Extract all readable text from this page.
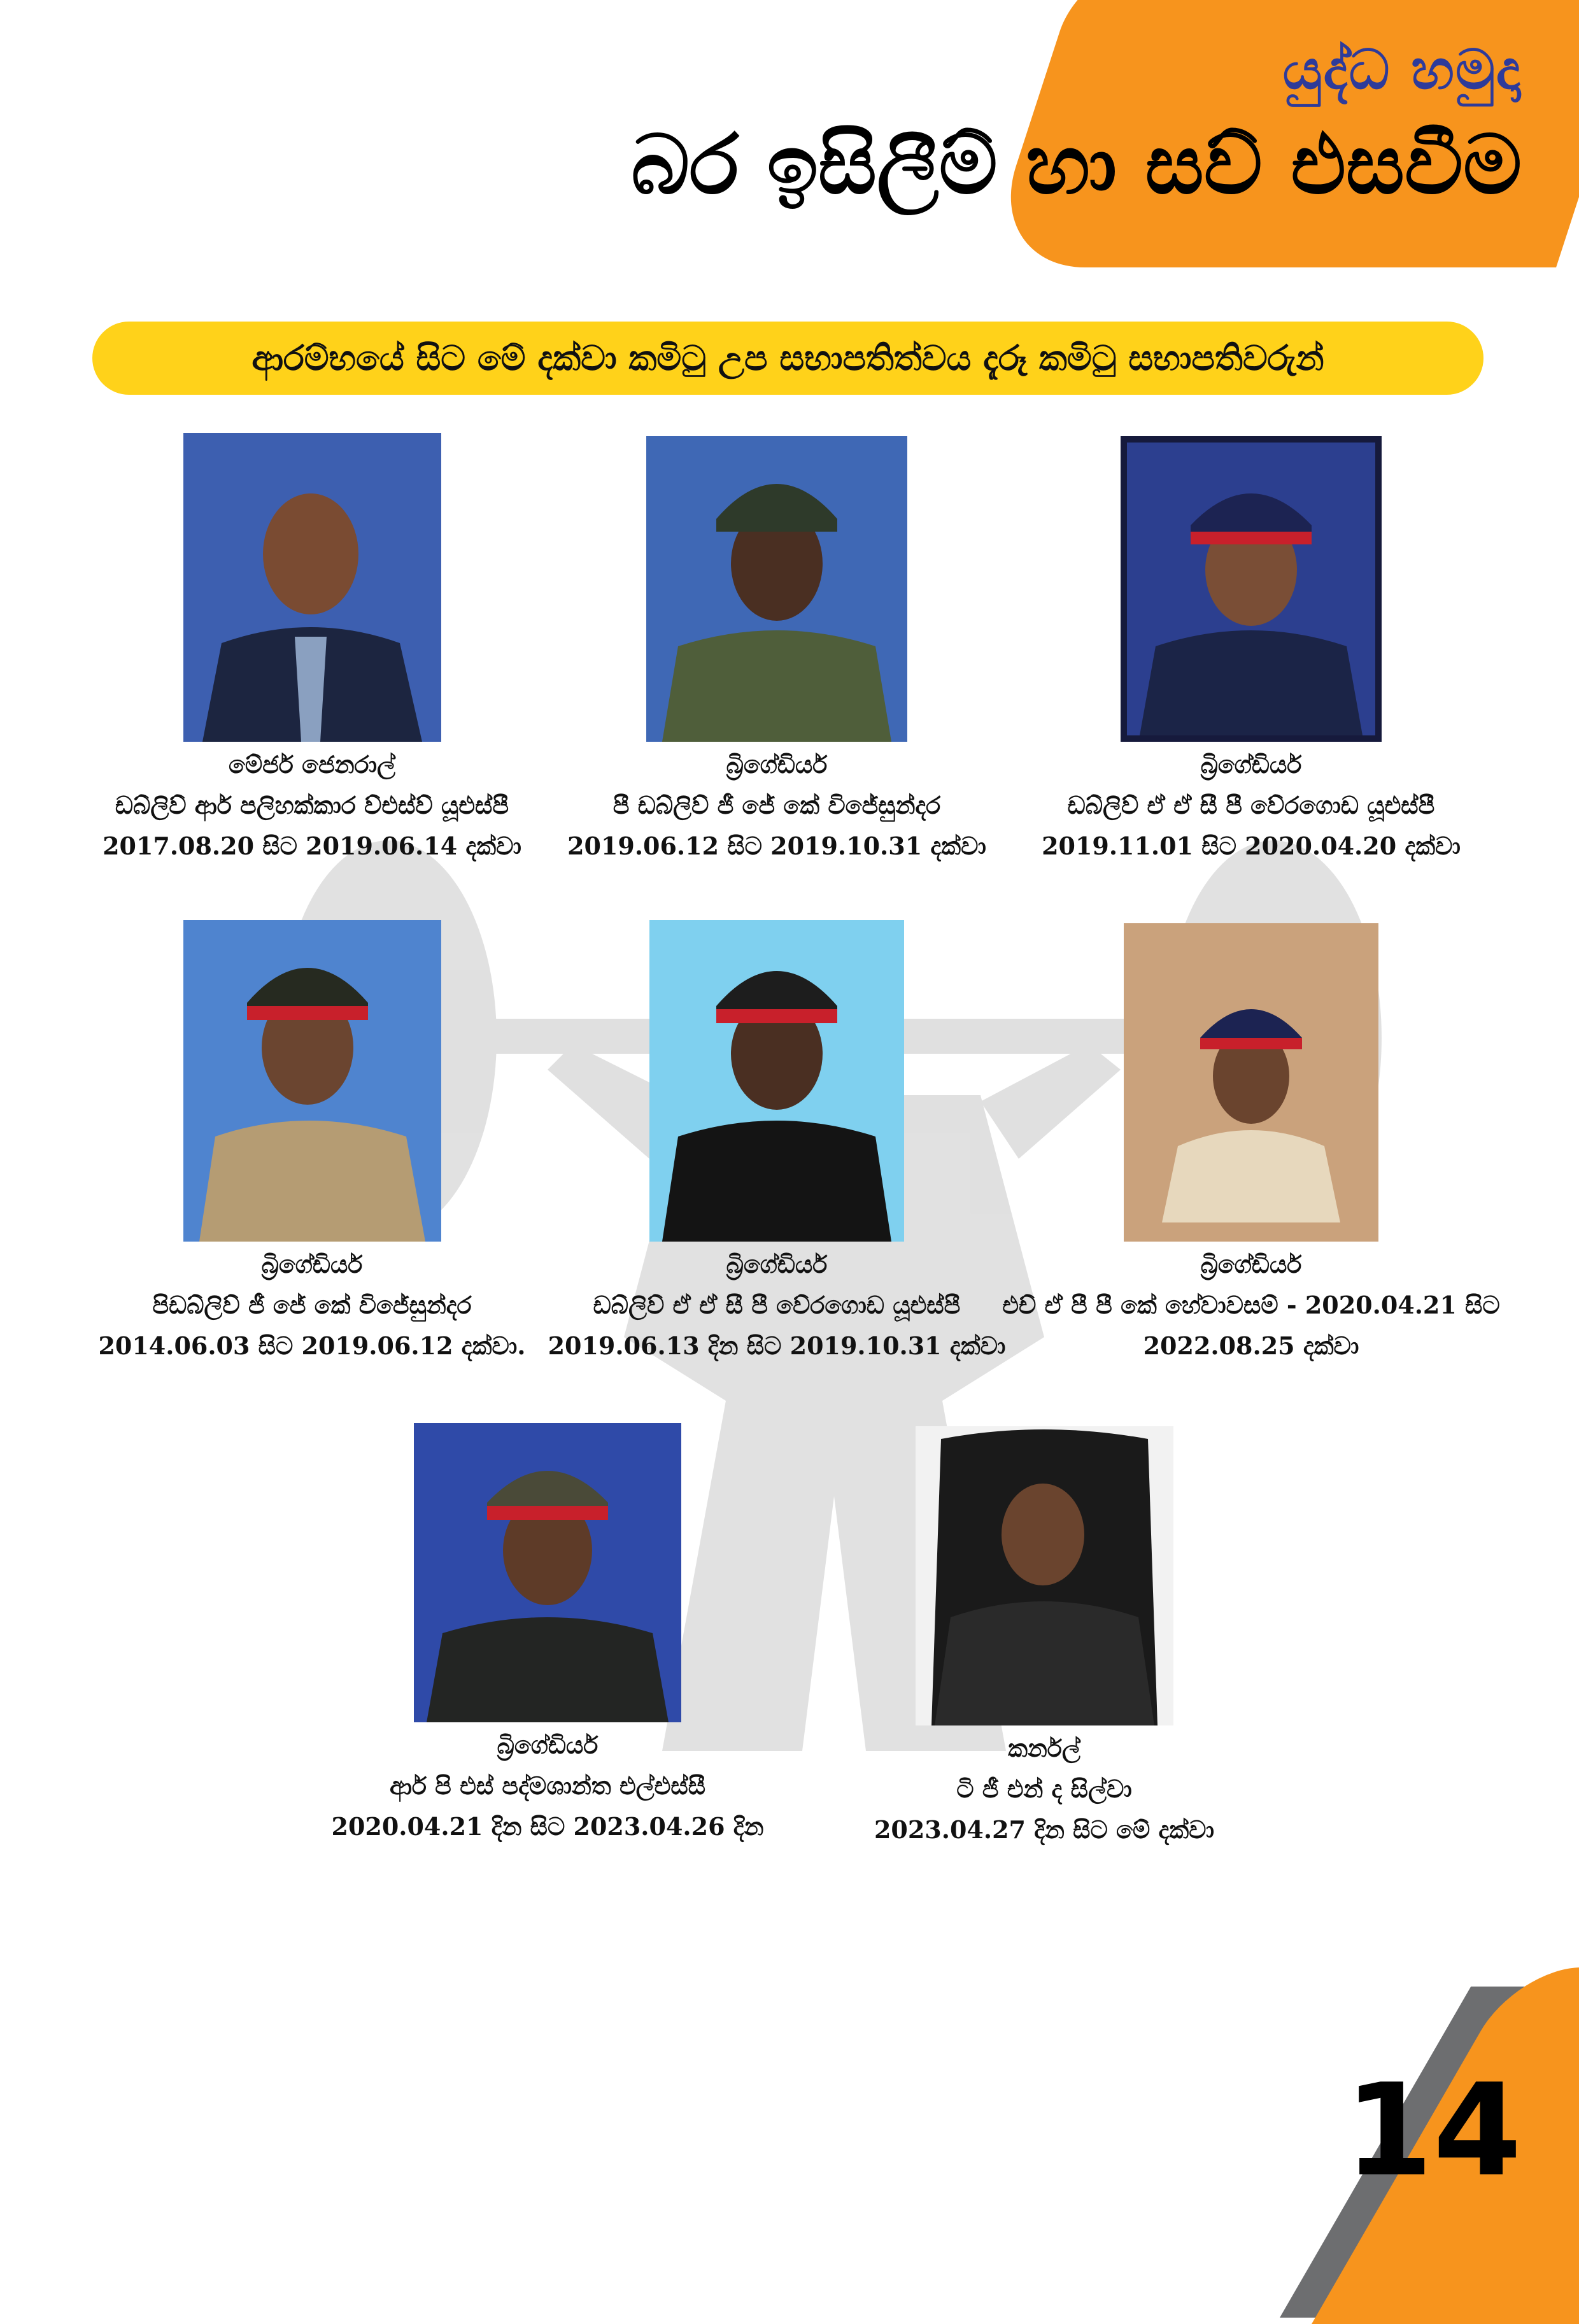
යුද්ධ හමුදා
බර ඉසිලීම් හා සව් එසවීම
ආරම්භයේ සිට මේ දක්වා කමිටු උප සභාපතිත්වය දැරූ කමිටු සභාපතිවරුන්
මේජර් ජෙනරාල්
ඩබ්ලිව් ආර් පලිහක්කාර ව්එස්ව් යූඑස්පී
2017.08.20 සිට 2019.06.14 දක්වා
බ්‍රිගේඩියර්
පී ඩබ්ලිව් ජී ජේ කේ විජේසුන්දර
2019.06.12 සිට 2019.10.31 දක්වා
බ්‍රිගේඩියර්
ඩබ්ලිව් ඒ ඒ සී පී වේරගොඩ යූඑස්පී
2019.11.01 සිට 2020.04.20 දක්වා
බ්‍රිගේඩියර්
පිඩබ්ලිව් ජී ජේ කේ විජේසුන්දර
2014.06.03 සිට 2019.06.12 දක්වා.
බ්‍රිගේඩියර්
ඩබ්ලිව් ඒ ඒ සී පී වේරගොඩ යූඑස්පී
2019.06.13 දින සිට 2019.10.31 දක්වා
බ්‍රිගේඩියර්
එච් ඒ පී පී කේ හේවාවසම් - 2020.04.21 සිට
2022.08.25 දක්වා
බ්‍රිගේඩියර්
ආර් පි එස් පද්මශාන්ත එල්එස්සී
2020.04.21 දින සිට 2023.04.26 දින
කර්නල්
ටි ජී එන් ද සිල්වා
2023.04.27 දින සිට මේ දක්වා
14
